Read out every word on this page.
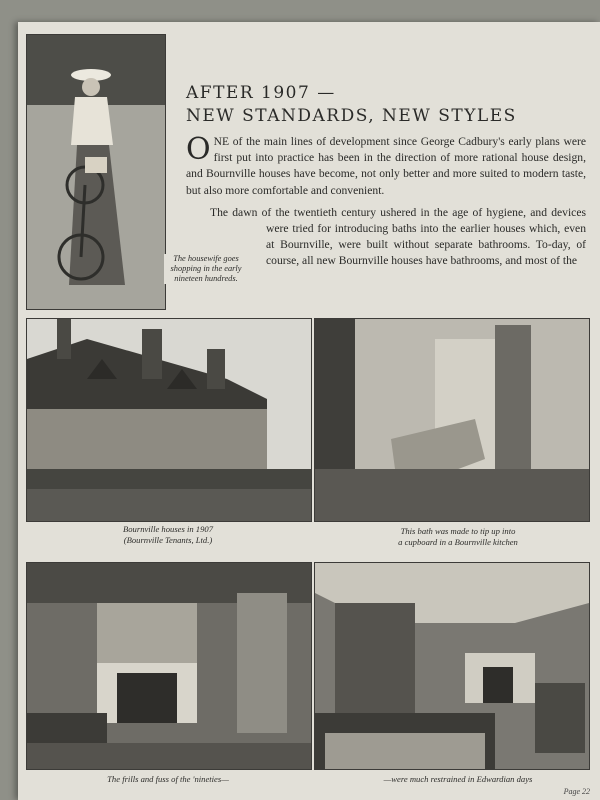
AFTER 1907 —
NEW STANDARDS, NEW STYLES

ONE of the main lines of development since George Cadbury's early plans were first put into practice has been in the direction of more rational house design, and Bournville houses have become, not only better and more suited to modern taste, but also more comfortable and convenient.

The dawn of the twentieth century ushered in the age of hygiene, and devices were tried for introducing baths into the earlier houses which, even at Bournville, were built without separate bathrooms. To-day, of course, all new Bournville houses have bathrooms, and most of the

The housewife goes shopping in the early nineteen hundreds.
Bournville houses in 1907
(Bournville Tenants, Ltd.)
This bath was made to tip up into
a cupboard in a Bournville kitchen
The frills and fuss of the 'nineties—	—were much restrained in Edwardian days
Page 22
